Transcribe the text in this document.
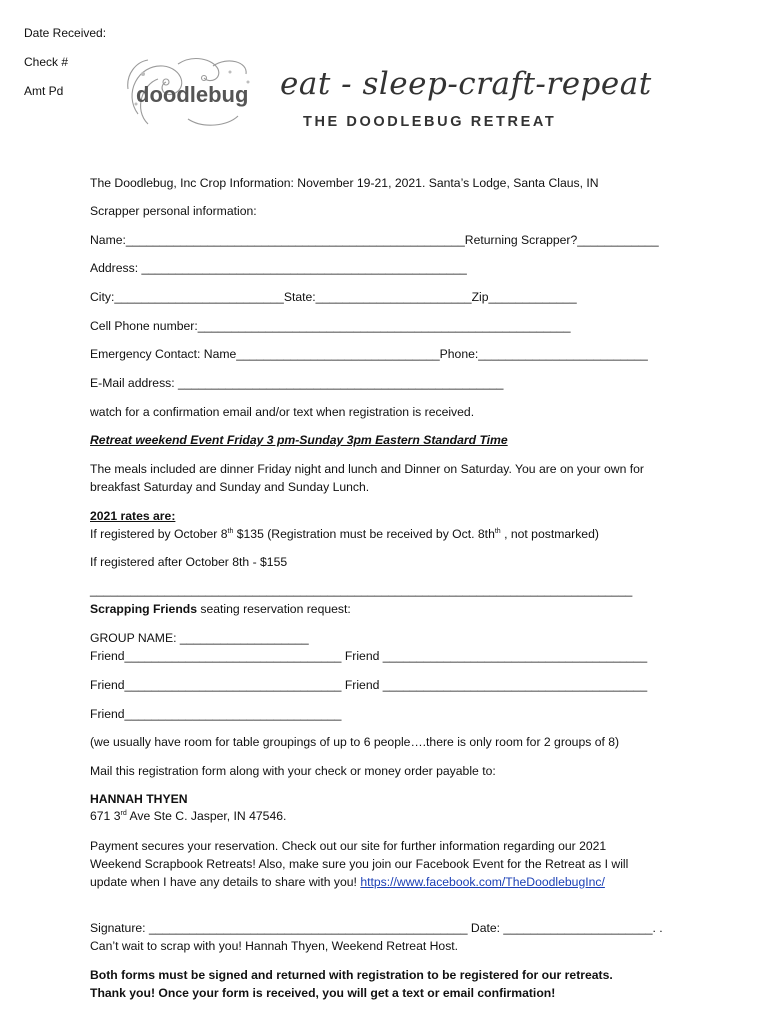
Date Received:
Check #
Amt Pd	doodlebug eat - sleep-craft-repeat
THE DOODLEBUG RETREAT
The Doodlebug, Inc Crop Information: November 19-21, 2021. Santa’s Lodge, Santa Claus, IN
Scrapper personal information:
Name:__________________________________________________Returning Scrapper?____________
Address: ________________________________________________
City:_________________________State:_______________________Zip_____________
Cell Phone number:_______________________________________________________
Emergency Contact: Name______________________________Phone:_________________________
E-Mail address: ________________________________________________
watch for a confirmation email and/or text when registration is received.
Retreat weekend Event Friday 3 pm-Sunday 3pm Eastern Standard Time
The meals included are dinner Friday night and lunch and Dinner on Saturday. You are on your own for
breakfast Saturday and Sunday and Sunday Lunch.
2021 rates are:
If registered by October 8th $135 (Registration must be received by Oct. $8th^{th}$ , not postmarked)
If registered after October 8th - $155
________________________________________________________________________________
Scrapping Friends seating reservation request:
GROUP NAME: ___________________
Friend________________________________ Friend _______________________________________
Friend________________________________ Friend _______________________________________
Friend________________________________
(we usually have room for table groupings of up to 6 people….there is only room for 2 groups of 8)
Mail this registration form along with your check or money order payable to:
HANNAH THYEN
671 3rd Ave Ste C. Jasper, IN 47546.
Payment secures your reservation. Check out our site for further information regarding our 2021
Weekend Scrapbook Retreats! Also, make sure you join our Facebook Event for the Retreat as I will
update when I have any details to share with you! https://www.facebook.com/TheDoodlebugInc/
Signature: _______________________________________________ Date: ______________________. .
Can’t wait to scrap with you! Hannah Thyen, Weekend Retreat Host.
Both forms must be signed and returned with registration to be registered for our retreats.
Thank you! Once your form is received, you will get a text or email confirmation!
